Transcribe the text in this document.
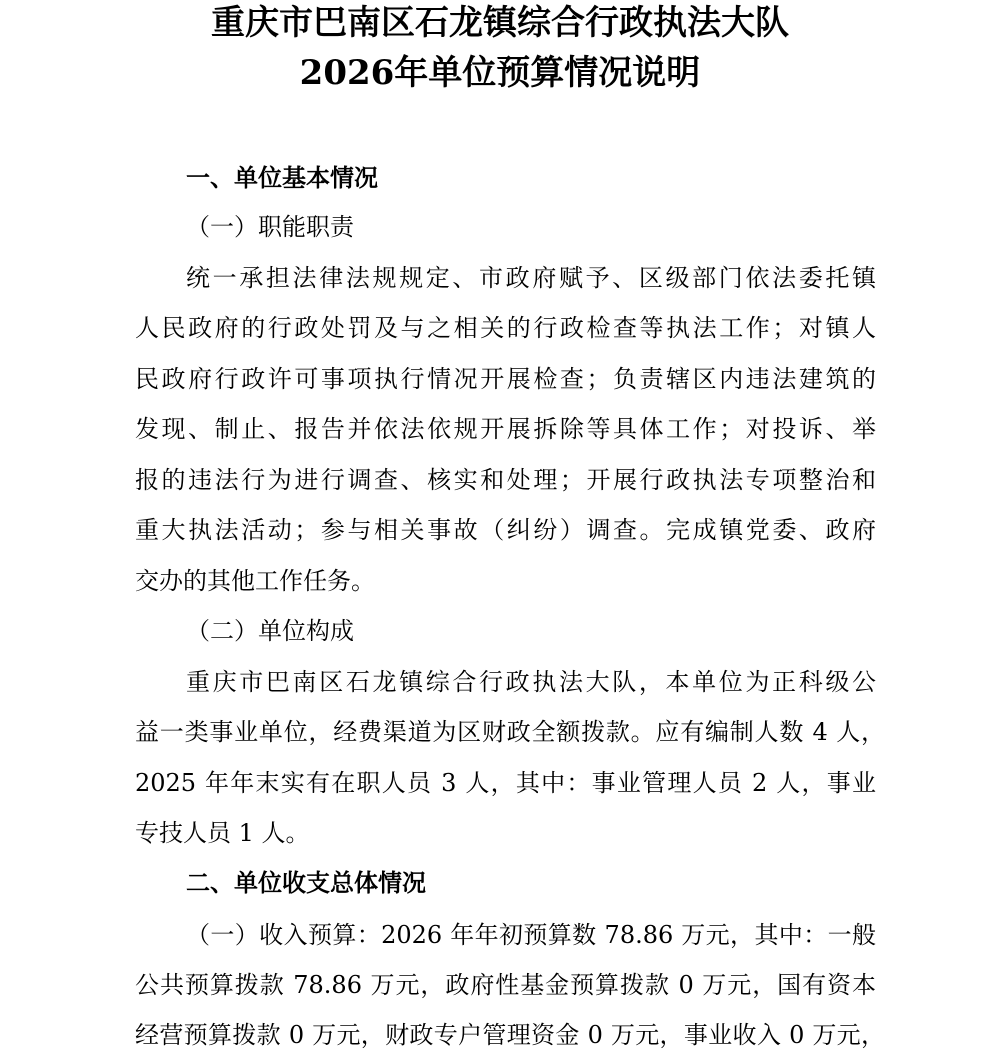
重庆市巴南区石龙镇综合行政执法大队
2026年单位预算情况说明
一、单位基本情况
（一）职能职责
统一承担法律法规规定、市政府赋予、区级部门依法委托镇
人民政府的行政处罚及与之相关的行政检查等执法工作；对镇人
民政府行政许可事项执行情况开展检查；负责辖区内违法建筑的
发现、制止、报告并依法依规开展拆除等具体工作；对投诉、举
报的违法行为进行调查、核实和处理；开展行政执法专项整治和
重大执法活动；参与相关事故（纠纷）调查。完成镇党委、政府
交办的其他工作任务。
（二）单位构成
重庆市巴南区石龙镇综合行政执法大队，本单位为正科级公
益一类事业单位，经费渠道为区财政全额拨款。应有编制人数 4 人，
2025 年年末实有在职人员 3 人，其中：事业管理人员 2 人，事业
专技人员 1 人。
二、单位收支总体情况
（一）收入预算：2026 年年初预算数 78.86 万元，其中：一般
公共预算拨款 78.86 万元，政府性基金预算拨款 0 万元，国有资本
经营预算拨款 0 万元，财政专户管理资金 0 万元，事业收入 0 万元，
